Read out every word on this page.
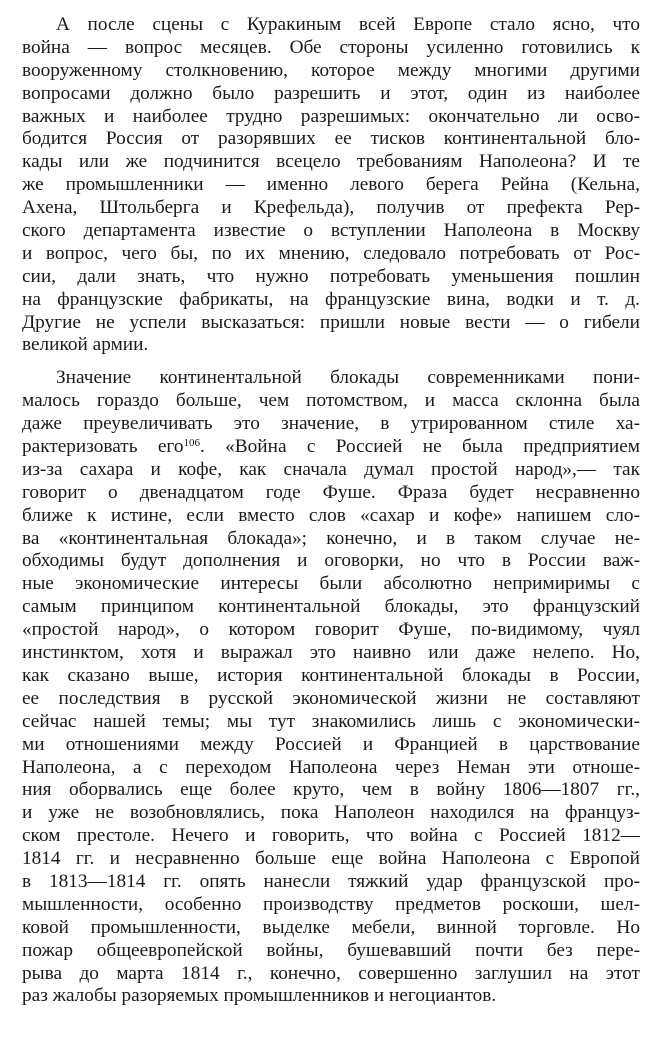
А после сцены с Куракиным всей Европе стало ясно, что
война — вопрос месяцев. Обе стороны усиленно готовились к
вооруженному столкновению, которое между многими другими
вопросами должно было разрешить и этот, один из наиболее
важных и наиболее трудно разрешимых: окончательно ли осво-
бодится Россия от разорявших ее тисков континентальной бло-
кады или же подчинится всецело требованиям Наполеона? И те
же промышленники — именно левого берега Рейна (Кельна,
Ахена, Штольберга и Крефельда), получив от префекта Рер-
ского департамента известие о вступлении Наполеона в Москву
и вопрос, чего бы, по их мнению, следовало потребовать от Рос-
сии, дали знать, что нужно потребовать уменьшения пошлин
на французские фабрикаты, на французские вина, водки и т. д.
Другие не успели высказаться: пришли новые вести — о гибели
великой армии.
Значение континентальной блокады современниками пони-
малось гораздо больше, чем потомством, и масса склонна была
даже преувеличивать это значение, в утрированном стиле ха-
рактеризовать его$^{106}$. «Война с Россией не была предприятием
из-за сахара и кофе, как сначала думал простой народ»,— так
говорит о двенадцатом годе Фуше. Фраза будет несравненно
ближе к истине, если вместо слов «сахар и кофе» напишем сло-
ва «континентальная блокада»; конечно, и в таком случае не-
обходимы будут дополнения и оговорки, но что в России важ-
ные экономические интересы были абсолютно непримиримы с
самым принципом континентальной блокады, это французский
«простой народ», о котором говорит Фуше, по-видимому, чуял
инстинктом, хотя и выражал это наивно или даже нелепо. Но,
как сказано выше, история континентальной блокады в России,
ее последствия в русской экономической жизни не составляют
сейчас нашей темы; мы тут знакомились лишь с экономически-
ми отношениями между Россией и Францией в царствование
Наполеона, а с переходом Наполеона через Неман эти отноше-
ния оборвались еще более круто, чем в войну 1806—1807 гг.,
и уже не возобновлялись, пока Наполеон находился на француз-
ском престоле. Нечего и говорить, что война с Россией 1812—
1814 гг. и несравненно больше еще война Наполеона с Европой
в 1813—1814 гг. опять нанесли тяжкий удар французской про-
мышленности, особенно производству предметов роскоши, шел-
ковой промышленности, выделке мебели, винной торговле. Но
пожар общеевропейской войны, бушевавший почти без пере-
рыва до марта 1814 г., конечно, совершенно заглушил на этот
раз жалобы разоряемых промышленников и негоциантов.
